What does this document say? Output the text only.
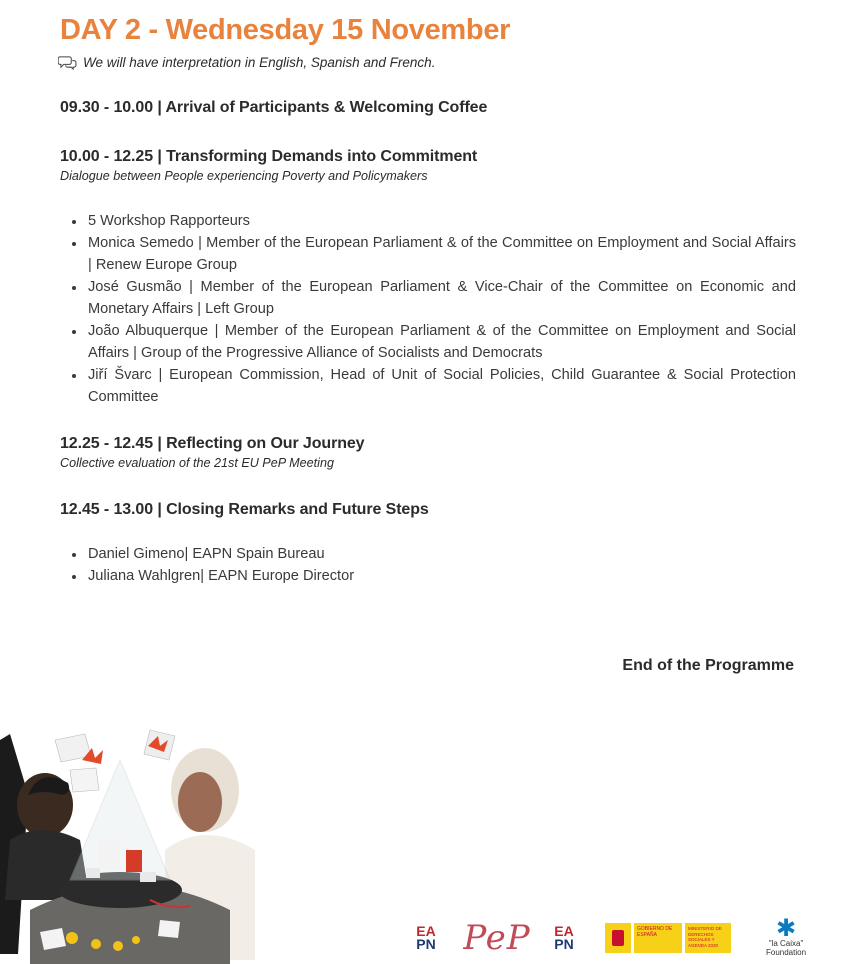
DAY 2 - Wednesday 15 November
We will have interpretation in English, Spanish and French.
09.30 - 10.00 | Arrival of Participants & Welcoming Coffee
10.00 - 12.25 | Transforming Demands into Commitment
Dialogue between People experiencing Poverty and Policymakers
5 Workshop Rapporteurs
Monica Semedo | Member of the European Parliament & of the Committee on Employment and Social Affairs | Renew Europe Group
José Gusmão | Member of the European Parliament & Vice-Chair of the Committee on Economic and Monetary Affairs | Left Group
João Albuquerque | Member of the European Parliament & of the Committee on Employment and Social Affairs | Group of the Progressive Alliance of Socialists and Democrats
Jiří Švarc | European Commission, Head of Unit of Social Policies, Child Guarantee & Social Protection Committee
12.25 - 12.45 | Reflecting on Our Journey
Collective evaluation of the 21st EU PeP Meeting
12.45 - 13.00 | Closing Remarks and Future Steps
Daniel Gimeno| EAPN Spain Bureau
Juliana Wahlgren| EAPN Europe Director
End of the Programme
EA
PN PeP EA
PN
GOBIERNO DE ESPAÑA
MINISTERIO DE DERECHOS SOCIALES Y AGENDA 2030
✱
"la Caixa" Foundation
